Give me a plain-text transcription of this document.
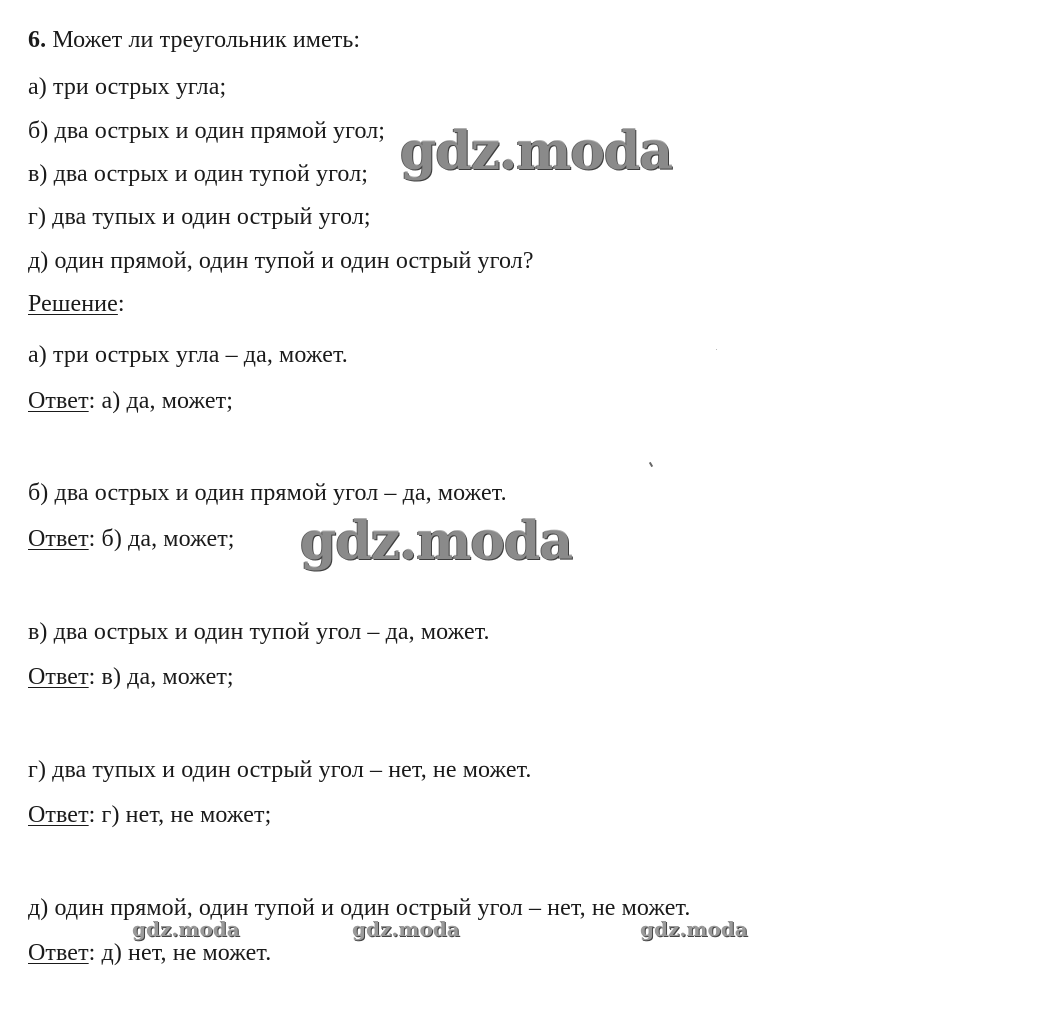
6. Может ли треугольник иметь:
а) три острых угла;
б) два острых и один прямой угол;
в) два острых и один тупой угол;
г) два тупых и один острый угол;
д) один прямой, один тупой и один острый угол?
Решение:
а) три острых угла – да, может.
Ответ: а) да, может;
б) два острых и один прямой угол – да, может.
Ответ: б) да, может;
в) два острых и один тупой угол – да, может.
Ответ: в) да, может;
г) два тупых и один острый угол – нет, не может.
Ответ: г) нет, не может;
д) один прямой, один тупой и один острый угол – нет, не может.
Ответ: д) нет, не может.
gdz.moda
gdz.moda
gdz.moda	gdz.moda	gdz.moda
